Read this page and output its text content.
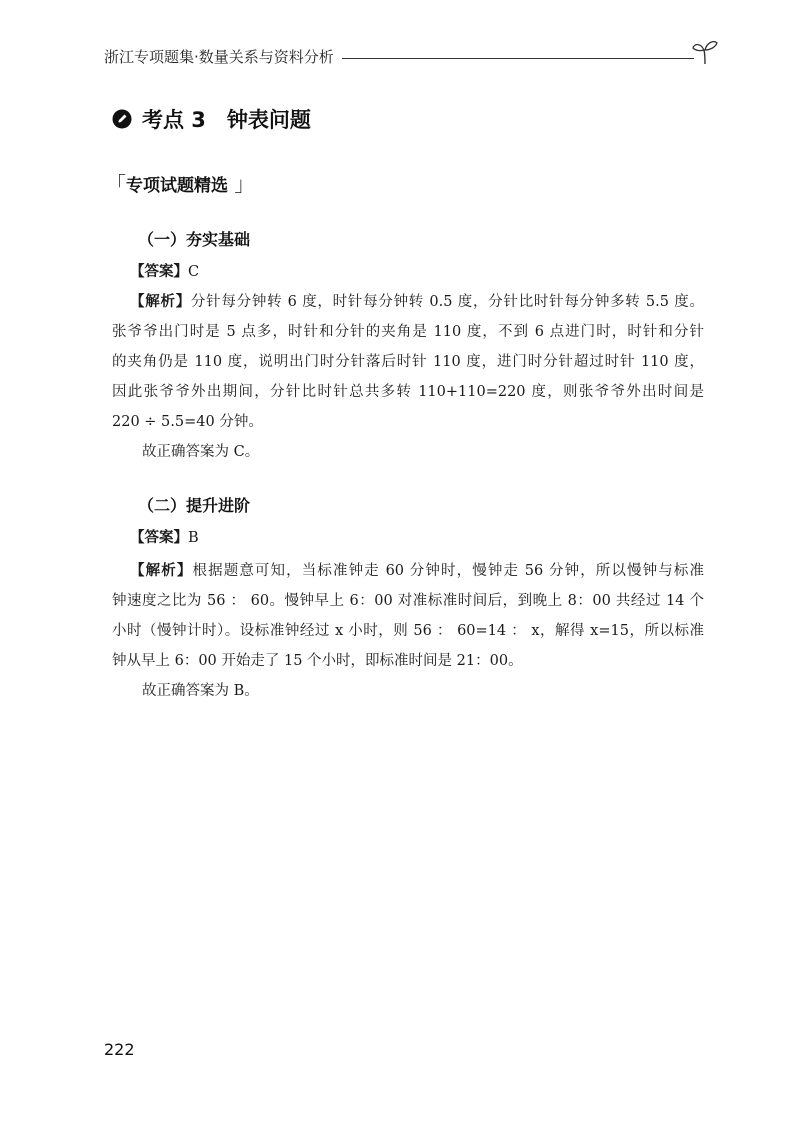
浙江专项题集·数量关系与资料分析
考点 3　钟表问题
「专项试题精选 」
（一）夯实基础
【答案】C
【解析】分针每分钟转 6 度，时针每分钟转 0.5 度，分针比时针每分钟多转 5.5 度。
张爷爷出门时是 5 点多，时针和分针的夹角是 110 度，不到 6 点进门时，时针和分针
的夹角仍是 110 度，说明出门时分针落后时针 110 度，进门时分针超过时针 110 度，
因此张爷爷外出期间，分针比时针总共多转 110+110=220 度，则张爷爷外出时间是
220 ÷ 5.5=40 分钟。
故正确答案为 C。
（二）提升进阶
【答案】B
【解析】根据题意可知，当标准钟走 60 分钟时，慢钟走 56 分钟，所以慢钟与标准
钟速度之比为 56 ： 60。慢钟早上 6：00 对准标准时间后，到晚上 8：00 共经过 14 个
小时（慢钟计时）。设标准钟经过 x 小时，则 56 ： 60=14 ： x，解得 x=15，所以标准
钟从早上 6：00 开始走了 15 个小时，即标准时间是 21：00。
故正确答案为 B。
222
